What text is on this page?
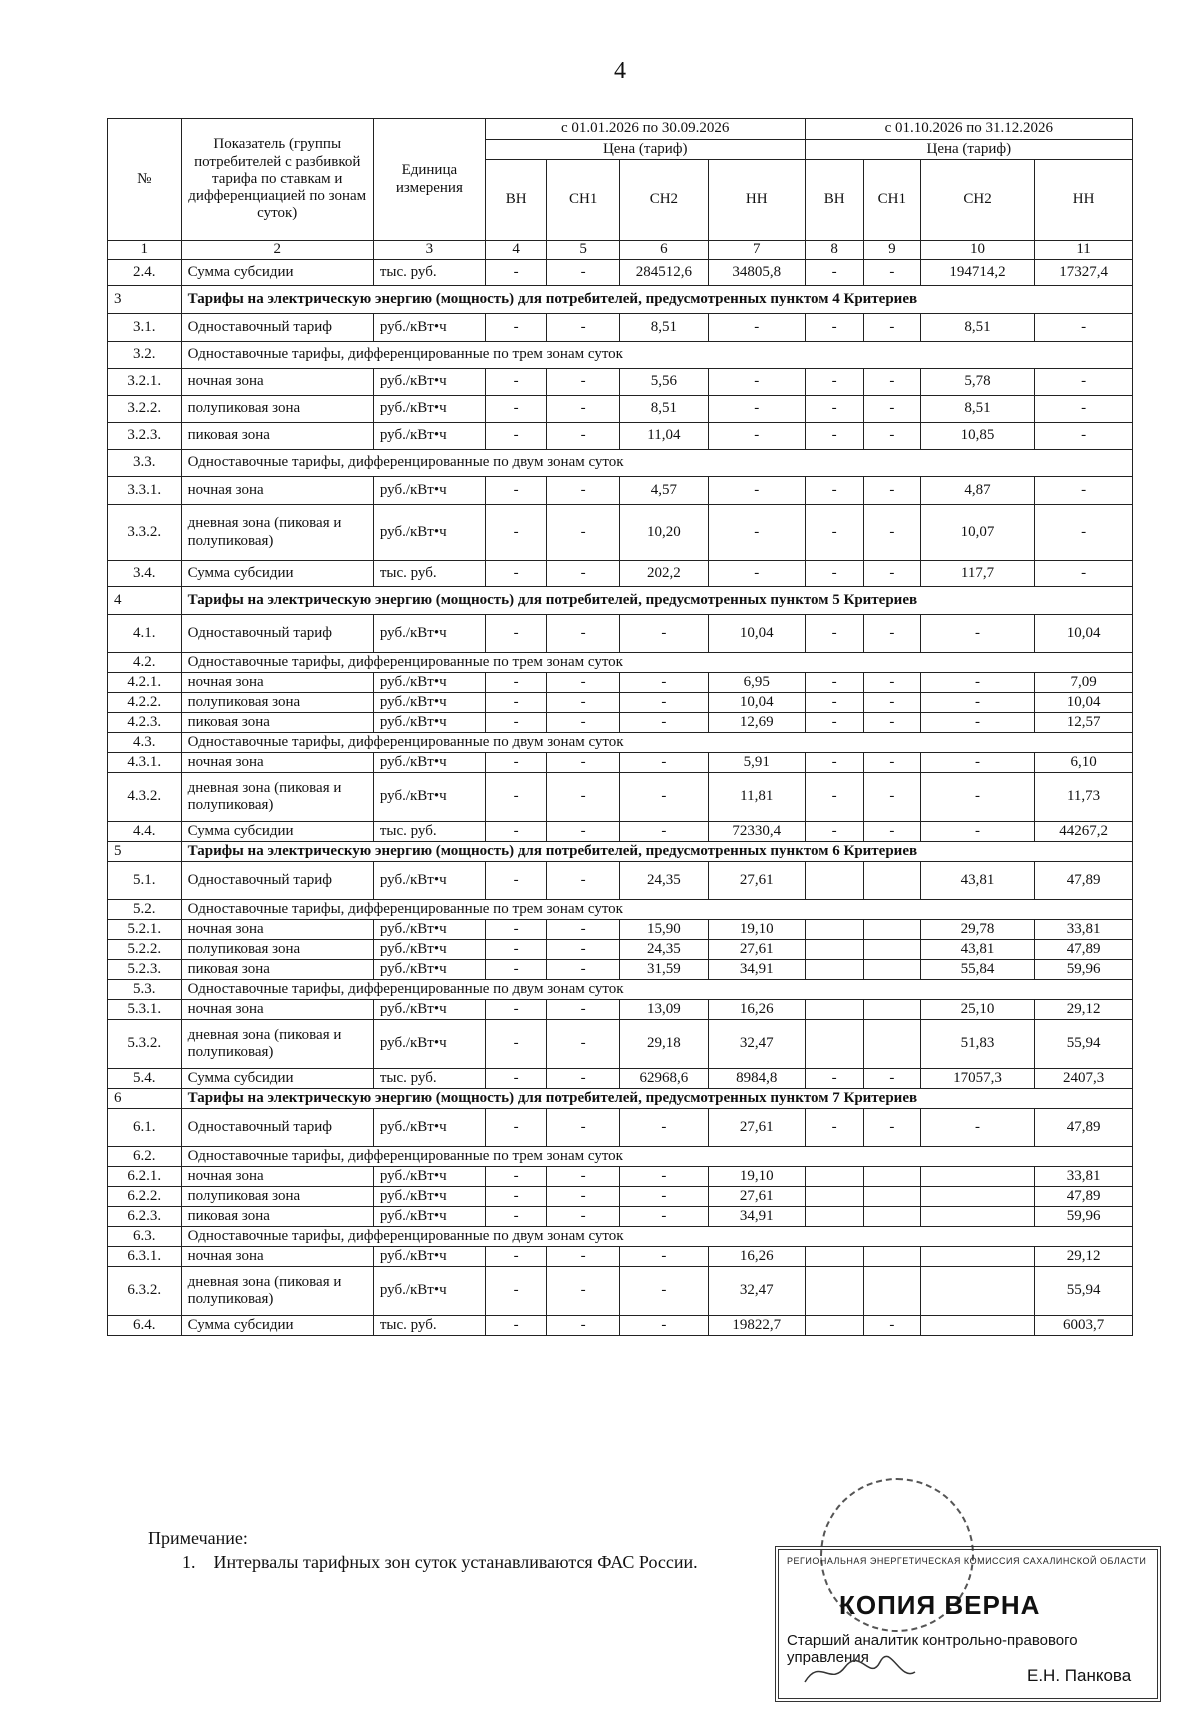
4
№	Показатель (группы потребителей с разбивкой тарифа по ставкам и дифференциацией по зонам суток)	Единица измерения	с 01.01.2026 по 30.09.2026				с 01.10.2026 по 31.12.2026			
			Цена (тариф)				Цена (тариф)			
			ВН	СН1	СН2	НН	ВН	СН1	СН2	НН
1	2	3	4	5	6	7	8	9	10	11
2.4.	Сумма субсидии	тыс. руб.	-	-	284512,6	34805,8	-	-	194714,2	17327,4
3	Тарифы на электрическую энергию (мощность) для потребителей, предусмотренных пунктом 4 Критериев									
3.1.	Одноставочный тариф	руб./кВт•ч	-	-	8,51	-	-	-	8,51	-
3.2.	Одноставочные тарифы, дифференцированные по трем зонам суток									
3.2.1.	ночная зона	руб./кВт•ч	-	-	5,56	-	-	-	5,78	-
3.2.2.	полупиковая зона	руб./кВт•ч	-	-	8,51	-	-	-	8,51	-
3.2.3.	пиковая зона	руб./кВт•ч	-	-	11,04	-	-	-	10,85	-
3.3.	Одноставочные тарифы, дифференцированные по двум зонам суток									
3.3.1.	ночная зона	руб./кВт•ч	-	-	4,57	-	-	-	4,87	-
3.3.2.	дневная зона (пиковая и полупиковая)	руб./кВт•ч	-	-	10,20	-	-	-	10,07	-
3.4.	Сумма субсидии	тыс. руб.	-	-	202,2	-	-	-	117,7	-
4	Тарифы на электрическую энергию (мощность) для потребителей, предусмотренных пунктом 5 Критериев									
4.1.	Одноставочный тариф	руб./кВт•ч	-	-	-	10,04	-	-	-	10,04
4.2.	Одноставочные тарифы, дифференцированные по трем зонам суток									
4.2.1.	ночная зона	руб./кВт•ч	-	-	-	6,95	-	-	-	7,09
4.2.2.	полупиковая зона	руб./кВт•ч	-	-	-	10,04	-	-	-	10,04
4.2.3.	пиковая зона	руб./кВт•ч	-	-	-	12,69	-	-	-	12,57
4.3.	Одноставочные тарифы, дифференцированные по двум зонам суток									
4.3.1.	ночная зона	руб./кВт•ч	-	-	-	5,91	-	-	-	6,10
4.3.2.	дневная зона (пиковая и полупиковая)	руб./кВт•ч	-	-	-	11,81	-	-	-	11,73
4.4.	Сумма субсидии	тыс. руб.	-	-	-	72330,4	-	-	-	44267,2
5	Тарифы на электрическую энергию (мощность) для потребителей, предусмотренных пунктом 6 Критериев									
5.1.	Одноставочный тариф	руб./кВт•ч	-	-	24,35	27,61			43,81	47,89
5.2.	Одноставочные тарифы, дифференцированные по трем зонам суток									
5.2.1.	ночная зона	руб./кВт•ч	-	-	15,90	19,10			29,78	33,81
5.2.2.	полупиковая зона	руб./кВт•ч	-	-	24,35	27,61			43,81	47,89
5.2.3.	пиковая зона	руб./кВт•ч	-	-	31,59	34,91			55,84	59,96
5.3.	Одноставочные тарифы, дифференцированные по двум зонам суток									
5.3.1.	ночная зона	руб./кВт•ч	-	-	13,09	16,26			25,10	29,12
5.3.2.	дневная зона (пиковая и полупиковая)	руб./кВт•ч	-	-	29,18	32,47			51,83	55,94
5.4.	Сумма субсидии	тыс. руб.	-	-	62968,6	8984,8	-	-	17057,3	2407,3
6	Тарифы на электрическую энергию (мощность) для потребителей, предусмотренных пунктом 7 Критериев									
6.1.	Одноставочный тариф	руб./кВт•ч	-	-	-	27,61	-	-	-	47,89
6.2.	Одноставочные тарифы, дифференцированные по трем зонам суток									
6.2.1.	ночная зона	руб./кВт•ч	-	-	-	19,10				33,81
6.2.2.	полупиковая зона	руб./кВт•ч	-	-	-	27,61				47,89
6.2.3.	пиковая зона	руб./кВт•ч	-	-	-	34,91				59,96
6.3.	Одноставочные тарифы, дифференцированные по двум зонам суток									
6.3.1.	ночная зона	руб./кВт•ч	-	-	-	16,26				29,12
6.3.2.	дневная зона (пиковая и полупиковая)	руб./кВт•ч	-	-	-	32,47				55,94
6.4.	Сумма субсидии	тыс. руб.	-	-	-	19822,7		-		6003,7
Примечание:
1. Интервалы тарифных зон суток устанавливаются ФАС России.	РЕГИОНАЛЬНАЯ ЭНЕРГЕТИЧЕСКАЯ КОМИССИЯ САХАЛИНСКОЙ ОБЛАСТИ
КОПИЯ ВЕРНА
Старший аналитик контрольно-правового управления
Е.Н. Панкова
